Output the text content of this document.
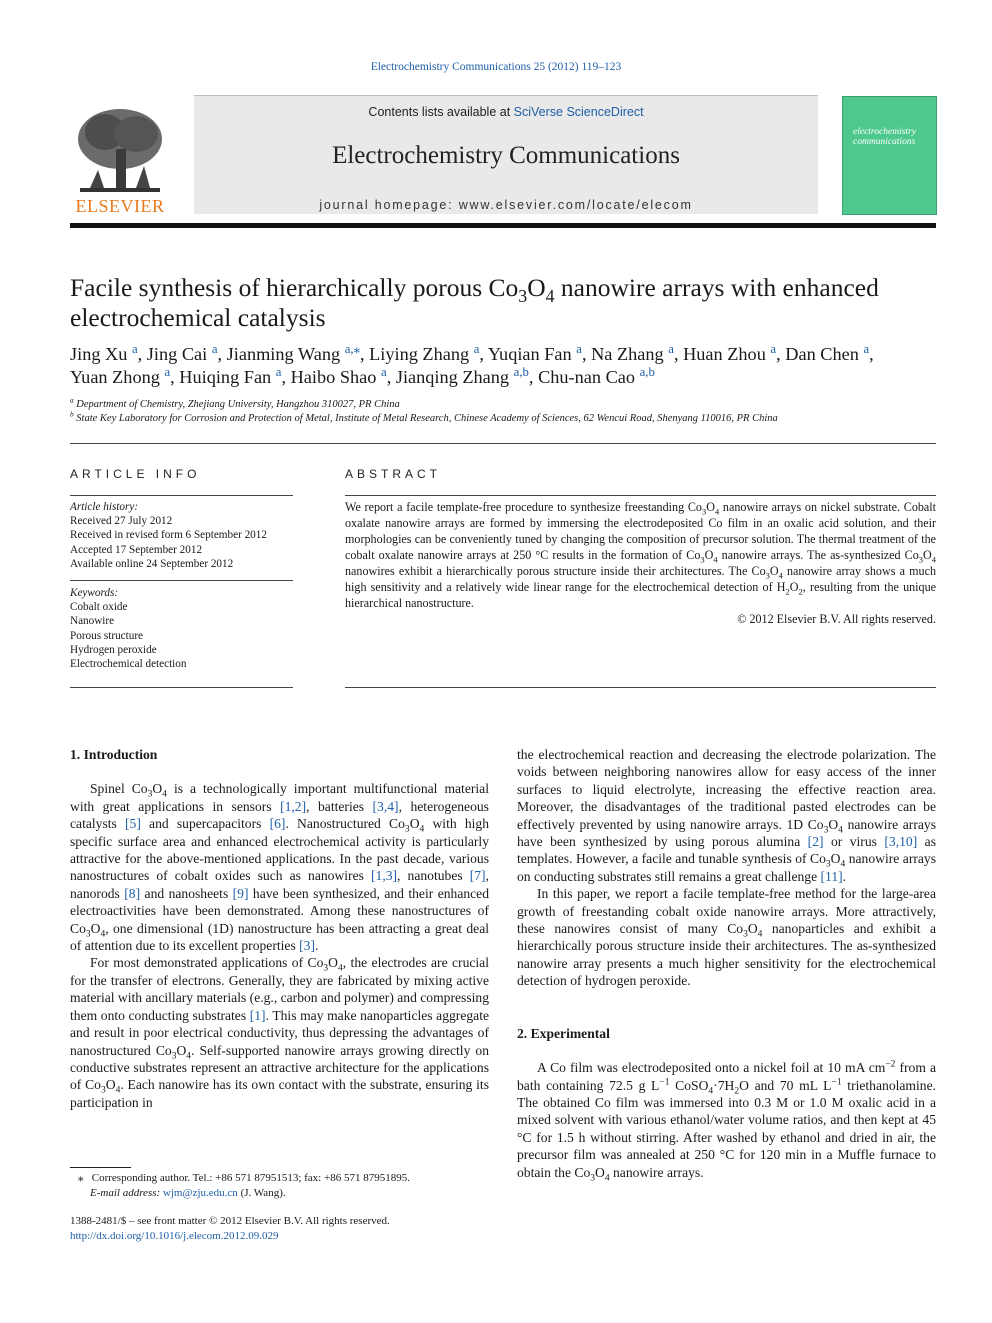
Electrochemistry Communications 25 (2012) 119–123
ELSEVIER
Contents lists available at SciVerse ScienceDirect
Electrochemistry Communications
journal homepage: www.elsevier.com/locate/elecom
electrochemistry communications
Facile synthesis of hierarchically porous $Co_3O_4$ nanowire arrays with enhanced electrochemical catalysis
Jing Xu $^a$, Jing Cai $^a$, Jianming Wang $^{a,⁎}$, Liying Zhang $^a$, Yuqian Fan $^a$, Na Zhang $^a$, Huan Zhou $^a$, Dan Chen $^a$,
Yuan Zhong $^a$, Huiqing Fan $^a$, Haibo Shao $^a$, Jianqing Zhang $^{a,b}$, Chu-nan Cao $^{a,b}$
$^a$ Department of Chemistry, Zhejiang University, Hangzhou 310027, PR China
$^b$ State Key Laboratory for Corrosion and Protection of Metal, Institute of Metal Research, Chinese Academy of Sciences, 62 Wencui Road, Shenyang 110016, PR China
ARTICLE INFO
Article history:
Received 27 July 2012
Received in revised form 6 September 2012
Accepted 17 September 2012
Available online 24 September 2012
Keywords:
Cobalt oxide
Nanowire
Porous structure
Hydrogen peroxide
Electrochemical detection
ABSTRACT
We report a facile template-free procedure to synthesize freestanding $Co_3O_4$ nanowire arrays on nickel substrate. Cobalt oxalate nanowire arrays are formed by immersing the electrodeposited Co film in an oxalic acid solution, and their morphologies can be conveniently tuned by changing the composition of precursor solution. The thermal treatment of the cobalt oxalate nanowire arrays at 250 °C results in the formation of $Co_3O_4$ nanowire arrays. The as-synthesized $Co_3O_4$ nanowires exhibit a hierarchically porous structure inside their architectures. The $Co_3O_4$ nanowire array shows a much high sensitivity and a relatively wide linear range for the electrochemical detection of $H_2O_2$, resulting from the unique hierarchical nanostructure.
© 2012 Elsevier B.V. All rights reserved.
1. Introduction

Spinel $Co_3O_4$ is a technologically important multifunctional material with great applications in sensors [1,2], batteries [3,4], heterogeneous catalysts [5] and supercapacitors [6]. Nanostructured $Co_3O_4$ with high specific surface area and enhanced electrochemical activity is particularly attractive for the above-mentioned applications. In the past decade, various nanostructures of cobalt oxides such as nanowires [1,3], nanotubes [7], nanorods [8] and nanosheets [9] have been synthesized, and their enhanced electroactivities have been demonstrated. Among these nanostructures of $Co_3O_4$, one dimensional (1D) nanostructure has been attracting a great deal of attention due to its excellent properties [3].

For most demonstrated applications of $Co_3O_4$, the electrodes are crucial for the transfer of electrons. Generally, they are fabricated by mixing active material with ancillary materials (e.g., carbon and polymer) and compressing them onto conducting substrates [1]. This may make nanoparticles aggregate and result in poor electrical conductivity, thus depressing the advantages of nanostructured $Co_3O_4$. Self-supported nanowire arrays growing directly on conductive substrates represent an attractive architecture for the applications of $Co_3O_4$. Each nanowire has its own contact with the substrate, ensuring its participation in

the electrochemical reaction and decreasing the electrode polarization. The voids between neighboring nanowires allow for easy access of the inner surfaces to liquid electrolyte, increasing the effective reaction area. Moreover, the disadvantages of the traditional pasted electrodes can be effectively prevented by using nanowire arrays. 1D $Co_3O_4$ nanowire arrays have been synthesized by using porous alumina [2] or virus [3,10] as templates. However, a facile and tunable synthesis of $Co_3O_4$ nanowire arrays on conducting substrates still remains a great challenge [11].

In this paper, we report a facile template-free method for the large-area growth of freestanding cobalt oxide nanowire arrays. More attractively, these nanowires consist of many $Co_3O_4$ nanoparticles and exhibit a hierarchically porous structure inside their architectures. The as-synthesized nanowire array presents a much higher sensitivity for the electrochemical detection of hydrogen peroxide.

2. Experimental

A Co film was electrodeposited onto a nickel foil at 10 mA $cm^{-2}$ from a bath containing 72.5 g $L^{-1}$ $CoSO_4\cdot 7H_2O$ and 70 mL $L^{-1}$ triethanolamine. The obtained Co film was immersed into 0.3 M or 1.0 M oxalic acid in a mixed solvent with various ethanol/water volume ratios, and then kept at 45 °C for 1.5 h without stirring. After washed by ethanol and dried in air, the precursor film was annealed at 250 °C for 120 min in a Muffle furnace to obtain the $Co_3O_4$ nanowire arrays.

⁎ Corresponding author. Tel.: +86 571 87951513; fax: +86 571 87951895.
E-mail address: wjm@zju.edu.cn (J. Wang).
1388-2481/$ – see front matter © 2012 Elsevier B.V. All rights reserved.
http://dx.doi.org/10.1016/j.elecom.2012.09.029
